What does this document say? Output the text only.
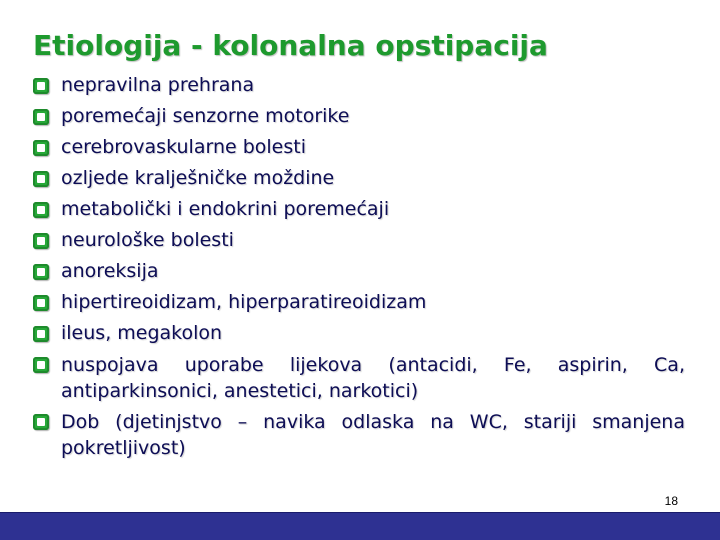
Etiologija - kolonalna opstipacija
nepravilna prehrana
poremećaji senzorne motorike
cerebrovaskularne bolesti
ozljede kralješničke moždine
metabolički i endokrini poremećaji
neurološke bolesti
anoreksija
hipertireoidizam, hiperparatireoidizam
ileus, megakolon
nuspojava uporabe lijekova (antacidi, Fe, aspirin, Ca, antiparkinsonici, anestetici, narkotici)
Dob (djetinjstvo – navika odlaska na WC, stariji smanjena pokretljivost)
18
